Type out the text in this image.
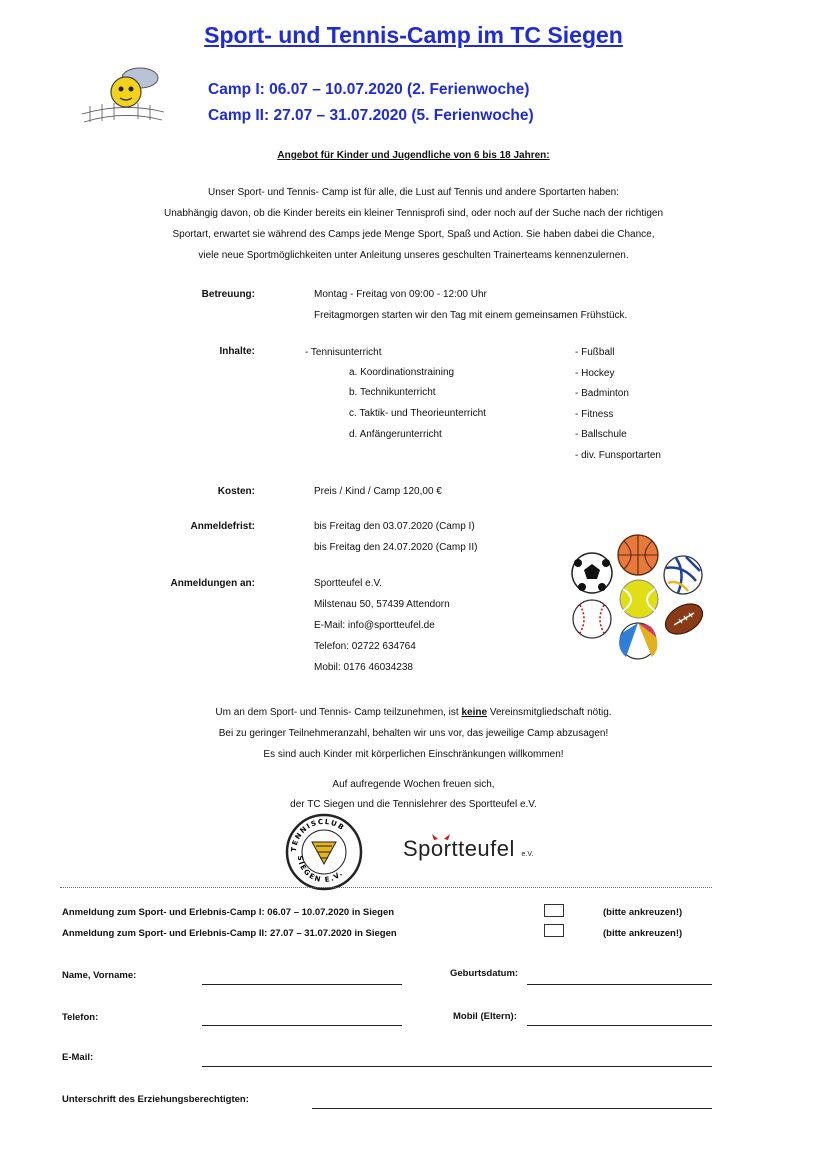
Sport- und Tennis-Camp im TC Siegen
Camp I: 06.07 – 10.07.2020 (2. Ferienwoche)
Camp II: 27.07 – 31.07.2020 (5. Ferienwoche)
Angebot für Kinder und Jugendliche von 6 bis 18 Jahren:
Unser Sport- und Tennis- Camp ist für alle, die Lust auf Tennis und andere Sportarten haben:
Unabhängig davon, ob die Kinder bereits ein kleiner Tennisprofi sind, oder noch auf der Suche nach der richtigen
Sportart, erwartet sie während des Camps jede Menge Sport, Spaß und Action. Sie haben dabei die Chance,
viele neue Sportmöglichkeiten unter Anleitung unseres geschulten Trainerteams kennenzulernen.
Betreuung:	Montag - Freitag von 09:00 - 12:00 Uhr
Freitagmorgen starten wir den Tag mit einem gemeinsamen Frühstück.
Inhalte:	- Tennisunterricht
a. Koordinationstraining
b. Technikunterricht
c. Taktik- und Theorieunterricht
d. Anfängerunterricht
- Fußball
- Hockey
- Badminton
- Fitness
- Ballschule
- div. Funsportarten
Kosten:	Preis / Kind / Camp 120,00 €
Anmeldefrist:	bis Freitag den 03.07.2020 (Camp I)
bis Freitag den 24.07.2020 (Camp II)
Anmeldungen an:	Sportteufel e.V.
Milstenau 50, 57439 Attendorn
E-Mail: info@sportteufel.de
Telefon: 02722 634764
Mobil: 0176 46034238
Um an dem Sport- und Tennis- Camp teilzunehmen, ist keine Vereinsmitgliedschaft nötig.
Bei zu geringer Teilnehmeranzahl, behalten wir uns vor, das jeweilige Camp abzusagen!
Es sind auch Kinder mit körperlichen Einschränkungen willkommen!
Auf aufregende Wochen freuen sich,
der TC Siegen und die Tennislehrer des Sportteufel e.V.
TENNISCLUB
SIEGEN E.V.
Sportteufel e.V.
Anmeldung zum Sport- und Erlebnis-Camp I: 06.07 – 10.07.2020 in Siegen	(bitte ankreuzen!)
Anmeldung zum Sport- und Erlebnis-Camp II: 27.07 – 31.07.2020 in Siegen	(bitte ankreuzen!)
Name, Vorname:	Geburtsdatum:
Telefon:	Mobil (Eltern):
E-Mail:
Unterschrift des Erziehungsberechtigten:
